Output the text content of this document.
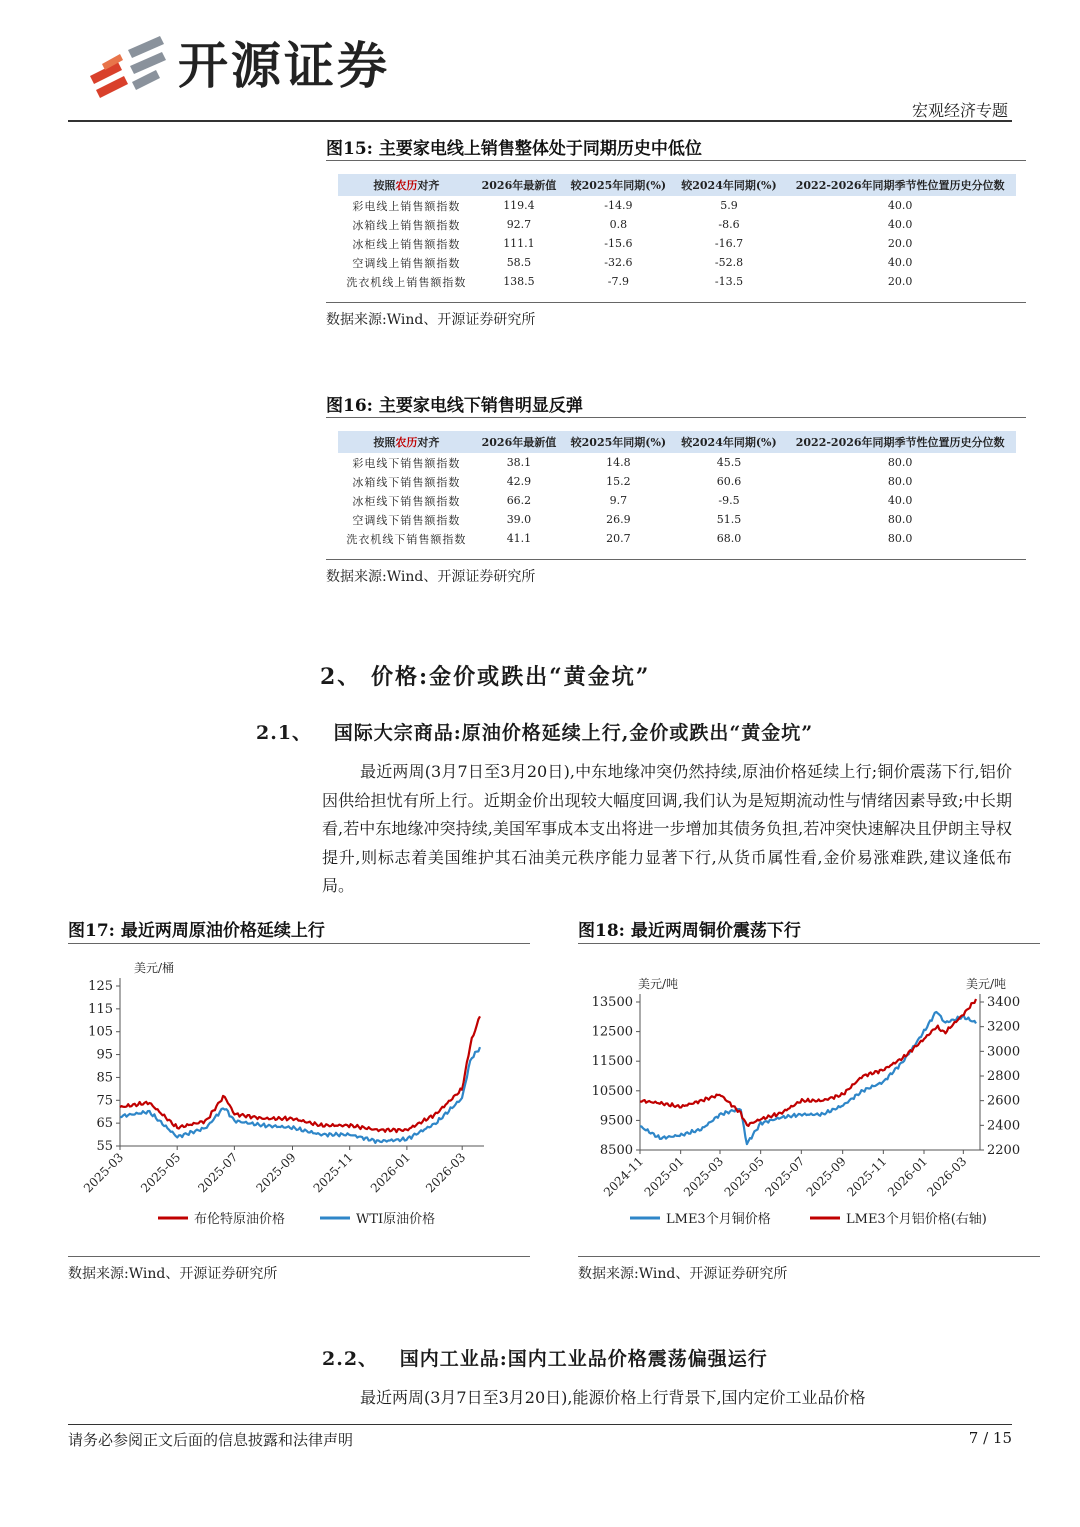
开源证券
宏观经济专题
图15: 主要家电线上销售整体处于同期历史中低位
按照农历对齐	2026年最新值	较2025年同期(%)	较2024年同期(%)	2022-2026年同期季节性位置历史分位数
彩电线上销售额指数	119.4	-14.9	5.9	40.0
冰箱线上销售额指数	92.7	0.8	-8.6	40.0
冰柜线上销售额指数	111.1	-15.6	-16.7	20.0
空调线上销售额指数	58.5	-32.6	-52.8	40.0
洗衣机线上销售额指数	138.5	-7.9	-13.5	20.0
数据来源:Wind、开源证券研究所
图16: 主要家电线下销售明显反弹
按照农历对齐	2026年最新值	较2025年同期(%)	较2024年同期(%)	2022-2026年同期季节性位置历史分位数
彩电线下销售额指数	38.1	14.8	45.5	80.0
冰箱线下销售额指数	42.9	15.2	60.6	80.0
冰柜线下销售额指数	66.2	9.7	-9.5	40.0
空调线下销售额指数	39.0	26.9	51.5	80.0
洗衣机线下销售额指数	41.1	20.7	68.0	80.0
数据来源:Wind、开源证券研究所
2、 价格:金价或跌出“黄金坑”
2.1、 国际大宗商品:原油价格延续上行,金价或跌出“黄金坑”
最近两周(3月7日至3月20日),中东地缘冲突仍然持续,原油价格延续上行;铜价震荡下行,铝价因供给担忧有所上行。近期金价出现较大幅度回调,我们认为是短期流动性与情绪因素导致;中长期看,若中东地缘冲突持续,美国军事成本支出将进一步增加其债务负担,若冲突快速解决且伊朗主导权提升,则标志着美国维护其石油美元秩序能力显著下行,从货币属性看,金价易涨难跌,建议逢低布局。
图17: 最近两周原油价格延续上行
125
115
105
95
85
75
65
55
美元/桶
2025-03 2025-05 2025-07 2025-09 2025-11 2026-01 2026-03
布伦特原油价格	WTI原油价格
数据来源:Wind、开源证券研究所
图18: 最近两周铜价震荡下行
13500
12500
11500
10500
9500
8500
3400
3200
3000
2800
2600
2400
2200
美元/吨	美元/吨
2024-11
2025-01
2025-03
2025-05
2025-07
2025-09
2025-11
2026-01
2026-03
LME3个月铜价格	LME3个月铝价格(右轴)
数据来源:Wind、开源证券研究所
2.2、 国内工业品:国内工业品价格震荡偏强运行
最近两周(3月7日至3月20日),能源价格上行背景下,国内定价工业品价格
请务必参阅正文后面的信息披露和法律声明	7 / 15
